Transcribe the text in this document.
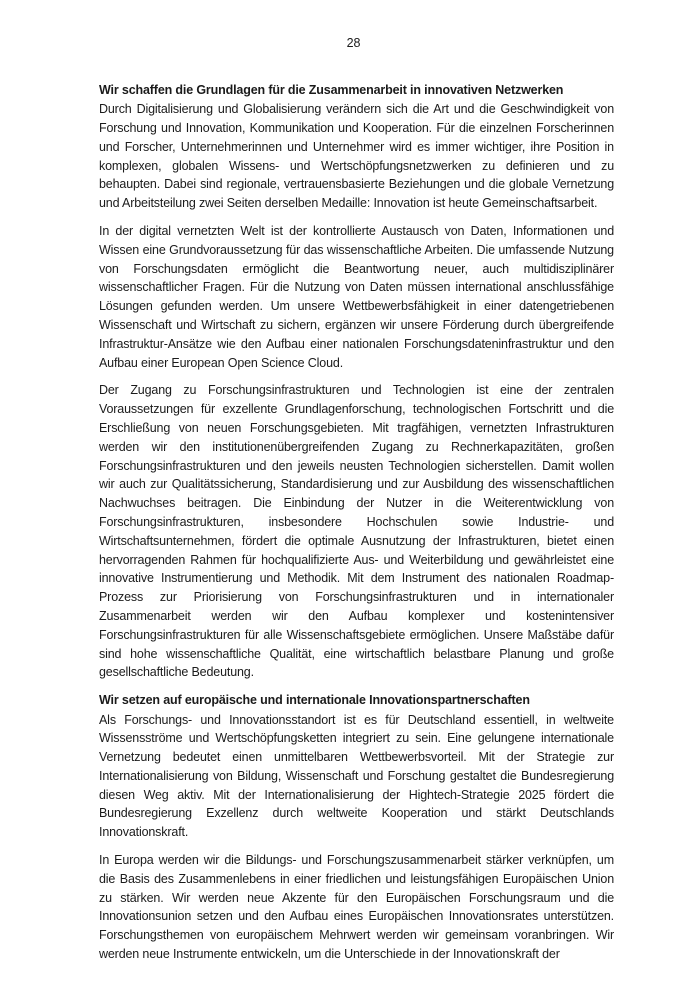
28
Wir schaffen die Grundlagen für die Zusammenarbeit in innovativen Netzwerken

Durch Digitalisierung und Globalisierung verändern sich die Art und die Geschwindigkeit von Forschung und Innovation, Kommunikation und Kooperation. Für die einzelnen Forscherinnen und Forscher, Unternehmerinnen und Unternehmer wird es immer wichtiger, ihre Position in komplexen, globalen Wissens- und Wertschöpfungsnetzwerken zu definieren und zu behaupten. Dabei sind regionale, vertrauensbasierte Beziehungen und die globale Vernetzung und Arbeitsteilung zwei Seiten derselben Medaille: Innovation ist heute Gemeinschaftsarbeit.

In der digital vernetzten Welt ist der kontrollierte Austausch von Daten, Informationen und Wissen eine Grundvoraussetzung für das wissenschaftliche Arbeiten. Die umfassende Nutzung von Forschungsdaten ermöglicht die Beantwortung neuer, auch multidisziplinärer wissenschaftlicher Fragen. Für die Nutzung von Daten müssen international anschlussfähige Lösungen gefunden werden. Um unsere Wettbewerbsfähigkeit in einer datengetriebenen Wissenschaft und Wirtschaft zu sichern, ergänzen wir unsere Förderung durch übergreifende Infrastruktur-Ansätze wie den Aufbau einer nationalen Forschungsdateninfrastruktur und den Aufbau einer European Open Science Cloud.

Der Zugang zu Forschungsinfrastrukturen und Technologien ist eine der zentralen Voraussetzungen für exzellente Grundlagenforschung, technologischen Fortschritt und die Erschließung von neuen Forschungsgebieten. Mit tragfähigen, vernetzten Infrastrukturen werden wir den institutionenübergreifenden Zugang zu Rechnerkapazitäten, großen Forschungsinfrastrukturen und den jeweils neusten Technologien sicherstellen. Damit wollen wir auch zur Qualitätssicherung, Standardisierung und zur Ausbildung des wissenschaftlichen Nachwuchses beitragen. Die Einbindung der Nutzer in die Weiterentwicklung von Forschungsinfrastrukturen, insbesondere Hochschulen sowie Industrie- und Wirtschaftsunternehmen, fördert die optimale Ausnutzung der Infrastrukturen, bietet einen hervorragenden Rahmen für hochqualifizierte Aus- und Weiterbildung und gewährleistet eine innovative Instrumentierung und Methodik. Mit dem Instrument des nationalen Roadmap-Prozess zur Priorisierung von Forschungsinfrastrukturen und in internationaler Zusammenarbeit werden wir den Aufbau komplexer und kostenintensiver Forschungsinfrastrukturen für alle Wissenschaftsgebiete ermöglichen. Unsere Maßstäbe dafür sind hohe wissenschaftliche Qualität, eine wirtschaftlich belastbare Planung und große gesellschaftliche Bedeutung.

Wir setzen auf europäische und internationale Innovationspartnerschaften

Als Forschungs- und Innovationsstandort ist es für Deutschland essentiell, in weltweite Wissensströme und Wertschöpfungsketten integriert zu sein. Eine gelungene internationale Vernetzung bedeutet einen unmittelbaren Wettbewerbsvorteil. Mit der Strategie zur Internationalisierung von Bildung, Wissenschaft und Forschung gestaltet die Bundesregierung diesen Weg aktiv. Mit der Internationalisierung der Hightech-Strategie 2025 fördert die Bundesregierung Exzellenz durch weltweite Kooperation und stärkt Deutschlands Innovationskraft.

In Europa werden wir die Bildungs- und Forschungszusammenarbeit stärker verknüpfen, um die Basis des Zusammenlebens in einer friedlichen und leistungsfähigen Europäischen Union zu stärken. Wir werden neue Akzente für den Europäischen Forschungsraum und die Innovationsunion setzen und den Aufbau eines Europäischen Innovationsrates unterstützen. Forschungsthemen von europäischem Mehrwert werden wir gemeinsam voranbringen. Wir werden neue Instrumente entwickeln, um die Unterschiede in der Innovationskraft der
